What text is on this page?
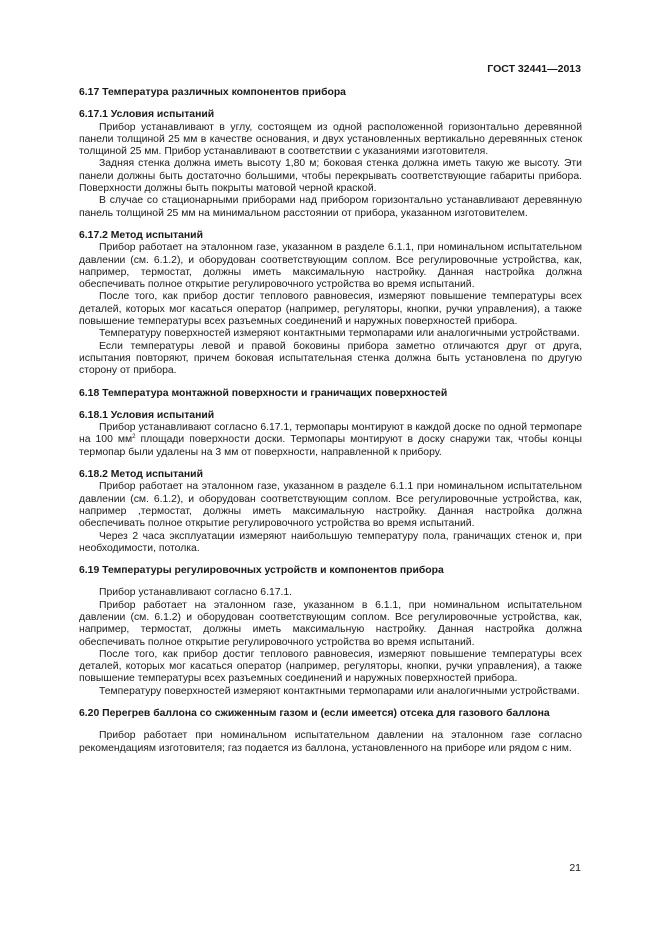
ГОСТ 32441—2013
6.17 Температура различных компонентов прибора
6.17.1 Условия испытаний

Прибор устанавливают в углу, состоящем из одной расположенной горизонтально деревянной панели толщиной 25 мм в качестве основания, и двух установленных вертикально деревянных стенок толщиной 25 мм. Прибор устанавливают в соответствии с указаниями изготовителя.

Задняя стенка должна иметь высоту 1,80 м; боковая стенка должна иметь такую же высоту. Эти панели должны быть достаточно большими, чтобы перекрывать соответствующие габариты прибора. Поверхности должны быть покрыты матовой черной краской.

В случае со стационарными приборами над прибором горизонтально устанавливают деревянную панель толщиной 25 мм на минимальном расстоянии от прибора, указанном изготовителем.

6.17.2 Метод испытаний

Прибор работает на эталонном газе, указанном в разделе 6.1.1, при номинальном испытательном давлении (см. 6.1.2), и оборудован соответствующим соплом. Все регулировочные устройства, как, например, термостат, должны иметь максимальную настройку. Данная настройка должна обеспечивать полное открытие регулировочного устройства во время испытаний.

После того, как прибор достиг теплового равновесия, измеряют повышение температуры всех деталей, которых мог касаться оператор (например, регуляторы, кнопки, ручки управления), а также повышение температуры всех разъемных соединений и наружных поверхностей прибора.

Температуру поверхностей измеряют контактными термопарами или аналогичными устройствами.

Если температуры левой и правой боковины прибора заметно отличаются друг от друга, испытания повторяют, причем боковая испытательная стенка должна быть установлена по другую сторону от прибора.

6.18 Температура монтажной поверхности и граничащих поверхностей
6.18.1 Условия испытаний

Прибор устанавливают согласно 6.17.1, термопары монтируют в каждой доске по одной термопаре на 100 $мм^2$ площади поверхности доски. Термопары монтируют в доску снаружи так, чтобы концы термопар были удалены на 3 мм от поверхности, направленной к прибору.

6.18.2 Метод испытаний

Прибор работает на эталонном газе, указанном в разделе 6.1.1 при номинальном испытательном давлении (см. 6.1.2), и оборудован соответствующим соплом. Все регулировочные устройства, как, например ,термостат, должны иметь максимальную настройку. Данная настройка должна обеспечивать полное открытие регулировочного устройства во время испытаний.

Через 2 часа эксплуатации измеряют наибольшую температуру пола, граничащих стенок и, при необходимости, потолка.

6.19 Температуры регулировочных устройств и компонентов прибора

Прибор устанавливают согласно 6.17.1.

Прибор работает на эталонном газе, указанном в 6.1.1, при номинальном испытательном давлении (см. 6.1.2) и оборудован соответствующим соплом. Все регулировочные устройства, как, например, термостат, должны иметь максимальную настройку. Данная настройка должна обеспечивать полное открытие регулировочного устройства во время испытаний.

После того, как прибор достиг теплового равновесия, измеряют повышение температуры всех деталей, которых мог касаться оператор (например, регуляторы, кнопки, ручки управления), а также повышение температуры всех разъемных соединений и наружных поверхностей прибора.

Температуру поверхностей измеряют контактными термопарами или аналогичными устройствами.

6.20 Перегрев баллона со сжиженным газом и (если имеется) отсека для газового баллона

Прибор работает при номинальном испытательном давлении на эталонном газе согласно рекомендациям изготовителя; газ подается из баллона, установленного на приборе или рядом с ним.

21
